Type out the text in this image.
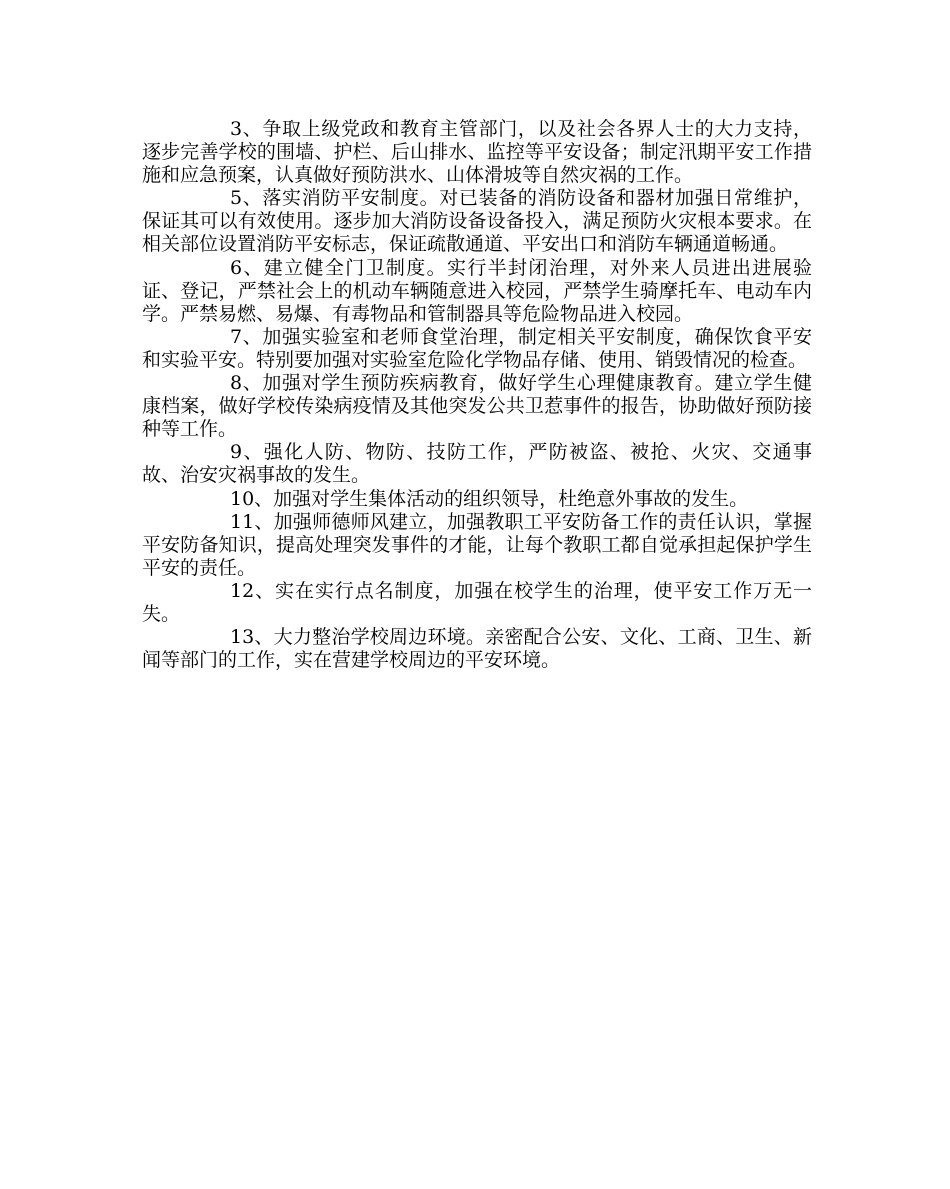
3、争取上级党政和教育主管部门，以及社会各界人士的大力支持，逐步完善学校的围墙、护栏、后山排水、监控等平安设备；制定汛期平安工作措施和应急预案，认真做好预防洪水、山体滑坡等自然灾祸的工作。

5、落实消防平安制度。对已装备的消防设备和器材加强日常维护，保证其可以有效使用。逐步加大消防设备设备投入，满足预防火灾根本要求。在相关部位设置消防平安标志，保证疏散通道、平安出口和消防车辆通道畅通。

6、建立健全门卫制度。实行半封闭治理，对外来人员进出进展验证、登记，严禁社会上的机动车辆随意进入校园，严禁学生骑摩托车、电动车内学。严禁易燃、易爆、有毒物品和管制器具等危险物品进入校园。

7、加强实验室和老师食堂治理，制定相关平安制度，确保饮食平安和实验平安。特别要加强对实验室危险化学物品存储、使用、销毁情况的检查。

8、加强对学生预防疾病教育，做好学生心理健康教育。建立学生健康档案，做好学校传染病疫情及其他突发公共卫惹事件的报告，协助做好预防接种等工作。

9、强化人防、物防、技防工作，严防被盗、被抢、火灾、交通事故、治安灾祸事故的发生。

10、加强对学生集体活动的组织领导，杜绝意外事故的发生。

11、加强师德师风建立，加强教职工平安防备工作的责任认识，掌握平安防备知识，提高处理突发事件的才能，让每个教职工都自觉承担起保护学生平安的责任。

12、实在实行点名制度，加强在校学生的治理，使平安工作万无一失。

13、大力整治学校周边环境。亲密配合公安、文化、工商、卫生、新闻等部门的工作，实在营建学校周边的平安环境。
